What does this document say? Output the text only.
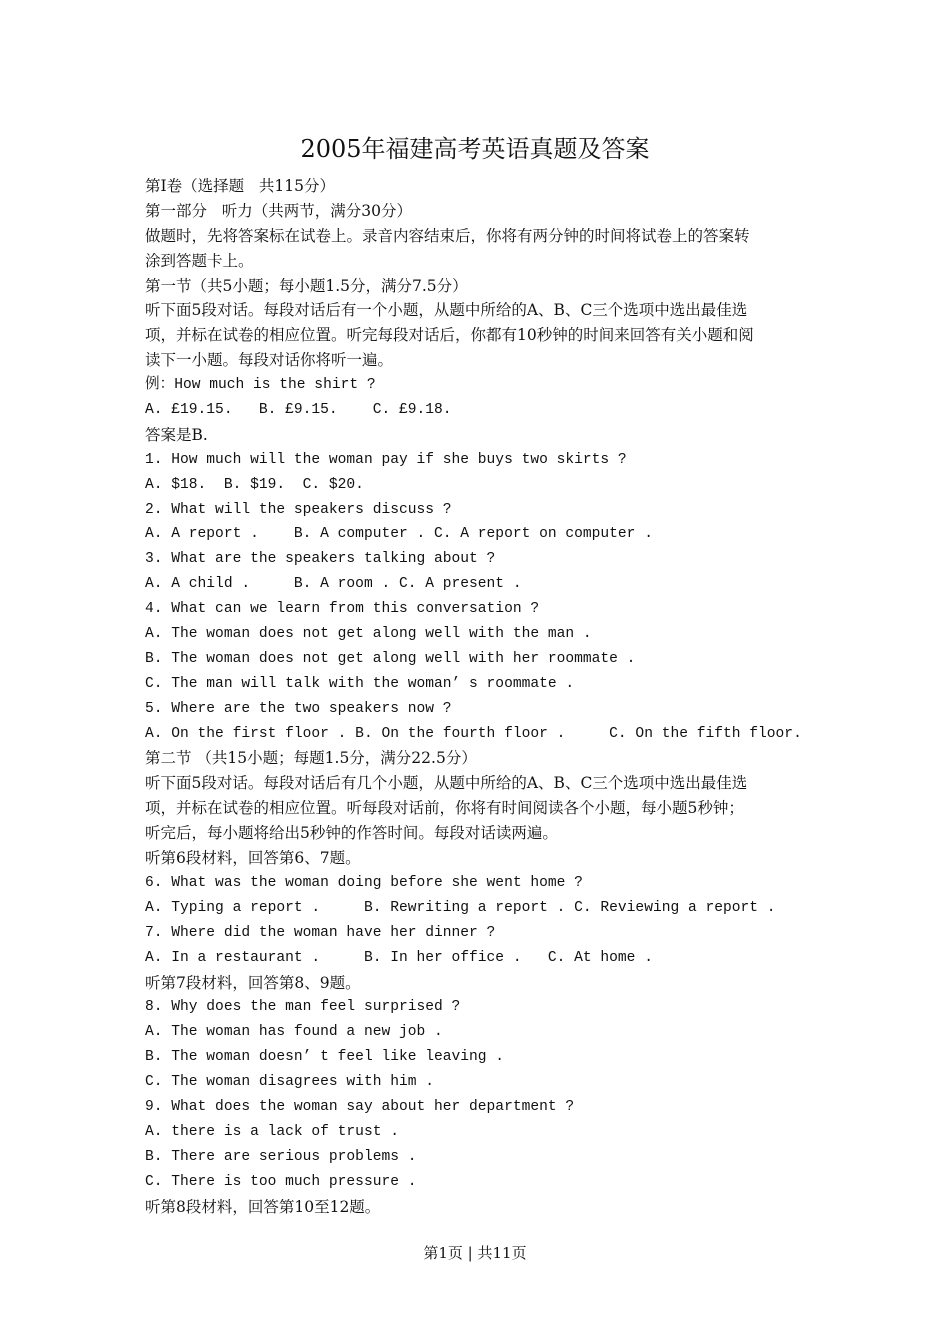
2005年福建高考英语真题及答案
第Ⅰ卷（选择题   共115分）
第一部分   听力（共两节，满分30分）
做题时，先将答案标在试卷上。录音内容结束后，你将有两分钟的时间将试卷上的答案转
涂到答题卡上。
第一节（共5小题；每小题1.5分，满分7.5分）
听下面5段对话。每段对话后有一个小题，从题中所给的A、B、C三个选项中选出最佳选
项，并标在试卷的相应位置。听完每段对话后，你都有10秒钟的时间来回答有关小题和阅
读下一小题。每段对话你将听一遍。
例：How much is the shirt ?
A. £19.15.   B. £9.15.    C. £9.18.
答案是B.
1. How much will the woman pay if she buys two skirts ?
A. $18.  B. $19.  C. $20.
2. What will the speakers discuss ?
A. A report .    B. A computer . C. A report on computer .
3. What are the speakers talking about ?
A. A child .     B. A room . C. A present .
4. What can we learn from this conversation ?
A. The woman does not get along well with the man .
B. The woman does not get along well with her roommate .
C. The man will talk with the woman’ s roommate .
5. Where are the two speakers now ?
A. On the first floor . B. On the fourth floor .     C. On the fifth floor.
第二节 （共15小题；每题1.5分，满分22.5分）
听下面5段对话。每段对话后有几个小题，从题中所给的A、B、C三个选项中选出最佳选
项，并标在试卷的相应位置。听每段对话前，你将有时间阅读各个小题，每小题5秒钟；
听完后，每小题将给出5秒钟的作答时间。每段对话读两遍。
听第6段材料，回答第6、7题。
6. What was the woman doing before she went home ?
A. Typing a report .     B. Rewriting a report . C. Reviewing a report .
7. Where did the woman have her dinner ?
A. In a restaurant .     B. In her office .   C. At home .
听第7段材料，回答第8、9题。
8. Why does the man feel surprised ?
A. The woman has found a new job .
B. The woman doesn’ t feel like leaving .
C. The woman disagrees with him .
9. What does the woman say about her department ?
A. there is a lack of trust .
B. There are serious problems .
C. There is too much pressure .
听第8段材料，回答第10至12题。
第1页 | 共11页
